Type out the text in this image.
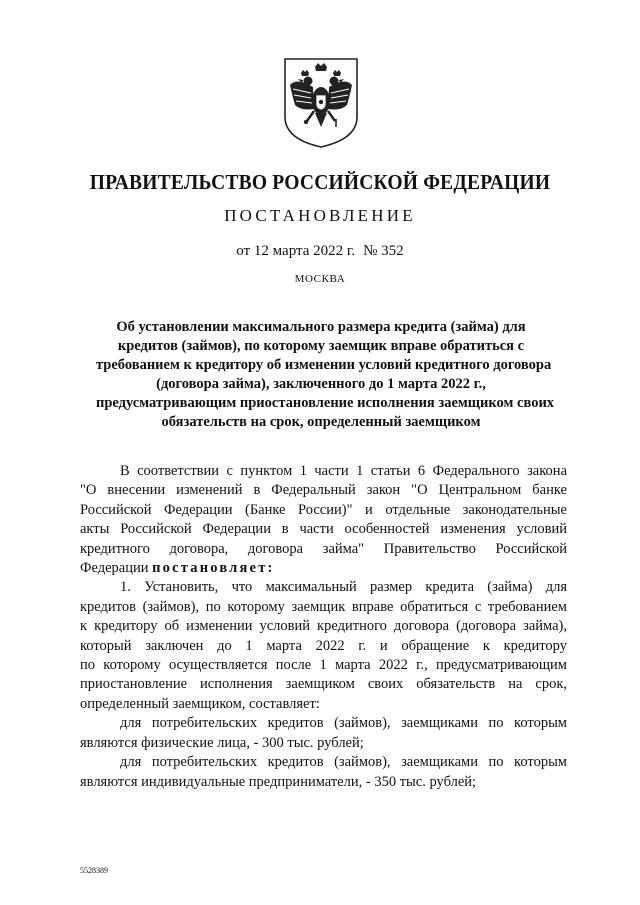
ПРАВИТЕЛЬСТВО РОССИЙСКОЙ ФЕДЕРАЦИИ
ПОСТАНОВЛЕНИЕ
от 12 марта 2022 г. № 352
МОСКВА
Об установлении максимального размера кредита (займа) для
кредитов (займов), по которому заемщик вправе обратиться с
требованием к кредитору об изменении условий кредитного договора
(договора займа), заключенного до 1 марта 2022 г.,
предусматривающим приостановление исполнения заемщиком своих
обязательств на срок, определенный заемщиком
В соответствии с пунктом 1 части 1 статьи 6 Федерального закона
"О внесении изменений в Федеральный закон "О Центральном банке
Российской Федерации (Банке России)" и отдельные законодательные
акты Российской Федерации в части особенностей изменения условий
кредитного договора, договора займа" Правительство Российской
Федерации постановляет:
1. Установить, что максимальный размер кредита (займа) для
кредитов (займов), по которому заемщик вправе обратиться с требованием
к кредитору об изменении условий кредитного договора (договора займа),
который заключен до 1 марта 2022 г. и обращение к кредитору
по которому осуществляется после 1 марта 2022 г., предусматривающим
приостановление исполнения заемщиком своих обязательств на срок,
определенный заемщиком, составляет:
для потребительских кредитов (займов), заемщиками по которым
являются физические лица, - 300 тыс. рублей;
для потребительских кредитов (займов), заемщиками по которым
являются индивидуальные предприниматели, - 350 тыс. рублей;
5528389
